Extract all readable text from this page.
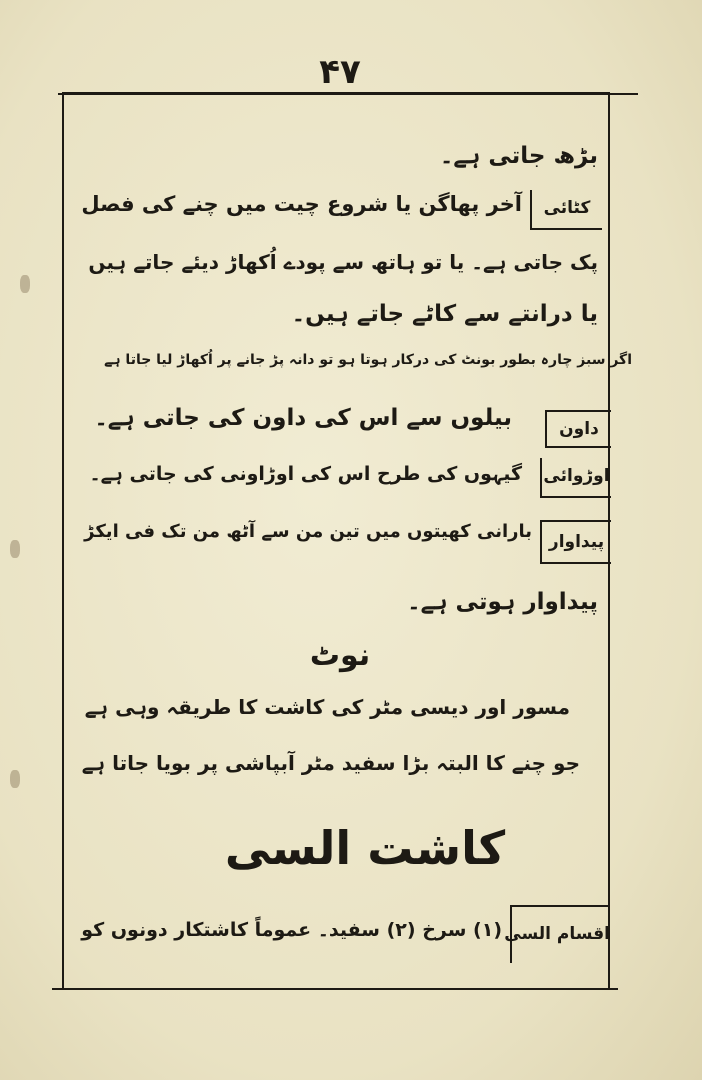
۴۷
بڑھ جاتی ہے۔
کٹائی
آخر پھاگن یا شروع چیت میں چنے کی فصل
پک جاتی ہے۔ یا تو ہاتھ سے پودے اُکھاڑ دیئے جاتے ہیں
یا درانتے سے کاٹے جاتے ہیں۔
اگر سبز چارہ بطور بونٹ کی درکار ہوتا ہو تو دانہ پڑ جانے پر اُکھاڑ لیا جاتا ہے
داون
بیلوں سے اس کی داون کی جاتی ہے۔
اوڑوائی
گیہوں کی طرح اس کی اوڑاونی کی جاتی ہے۔
پیداوار
بارانی کھیتوں میں تین من سے آٹھ من تک فی ایکڑ
پیداوار ہوتی ہے۔
نوٹ
مسور اور دیسی مٹر کی کاشت کا طریقہ وہی ہے
جو چنے کا البتہ بڑا سفید مٹر آبپاشی پر بویا جاتا ہے
کاشت السی
اقسام السی
(۱) سرخ (۲) سفید۔ عموماً کاشتکار دونوں کو
